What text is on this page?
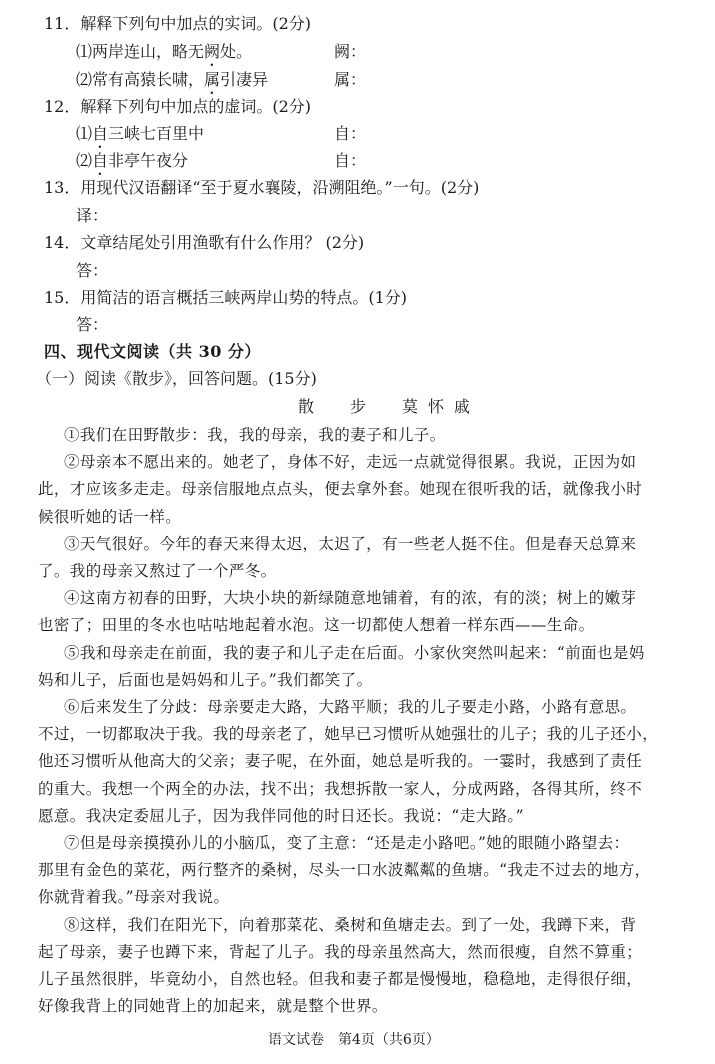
11．解释下列句中加点的实词。(2分)
⑴两岸连山，略无阙处。	阙：
⑵常有高猿长啸，属引凄异	属：
12．解释下列句中加点的虚词。(2分)
⑴自三峡七百里中	自：
⑵自非亭午夜分	自：
13．用现代汉语翻译“至于夏水襄陵，沿溯阻绝。”一句。(2分)
译：
14．文章结尾处引用渔歌有什么作用？ (2分)
答：
15．用简洁的语言概括三峡两岸山势的特点。(1分)
答：
四、现代文阅读（共 30 分）
（一）阅读《散步》，回答问题。(15分)
散　步　莫怀戚
①我们在田野散步：我，我的母亲，我的妻子和儿子。
②母亲本不愿出来的。她老了，身体不好，走远一点就觉得很累。我说，正因为如
此，才应该多走走。母亲信服地点点头，便去拿外套。她现在很听我的话，就像我小时
候很听她的话一样。
③天气很好。今年的春天来得太迟，太迟了，有一些老人挺不住。但是春天总算来
了。我的母亲又熬过了一个严冬。
④这南方初春的田野，大块小块的新绿随意地铺着，有的浓，有的淡；树上的嫩芽
也密了；田里的冬水也咕咕地起着水泡。这一切都使人想着一样东西——生命。
⑤我和母亲走在前面，我的妻子和儿子走在后面。小家伙突然叫起来：“前面也是妈
妈和儿子，后面也是妈妈和儿子。”我们都笑了。
⑥后来发生了分歧：母亲要走大路，大路平顺；我的儿子要走小路，小路有意思。
不过，一切都取决于我。我的母亲老了，她早已习惯听从她强壮的儿子；我的儿子还小，
他还习惯听从他高大的父亲；妻子呢，在外面，她总是听我的。一霎时，我感到了责任
的重大。我想一个两全的办法，找不出；我想拆散一家人，分成两路，各得其所，终不
愿意。我决定委屈儿子，因为我伴同他的时日还长。我说：“走大路。”
⑦但是母亲摸摸孙儿的小脑瓜，变了主意：“还是走小路吧。”她的眼随小路望去：
那里有金色的菜花，两行整齐的桑树，尽头一口水波粼粼的鱼塘。“我走不过去的地方，
你就背着我。”母亲对我说。
⑧这样，我们在阳光下，向着那菜花、桑树和鱼塘走去。到了一处，我蹲下来，背
起了母亲，妻子也蹲下来，背起了儿子。我的母亲虽然高大，然而很瘦，自然不算重；
儿子虽然很胖，毕竟幼小，自然也轻。但我和妻子都是慢慢地，稳稳地，走得很仔细，
好像我背上的同她背上的加起来，就是整个世界。
语文试卷　第4页（共6页）
